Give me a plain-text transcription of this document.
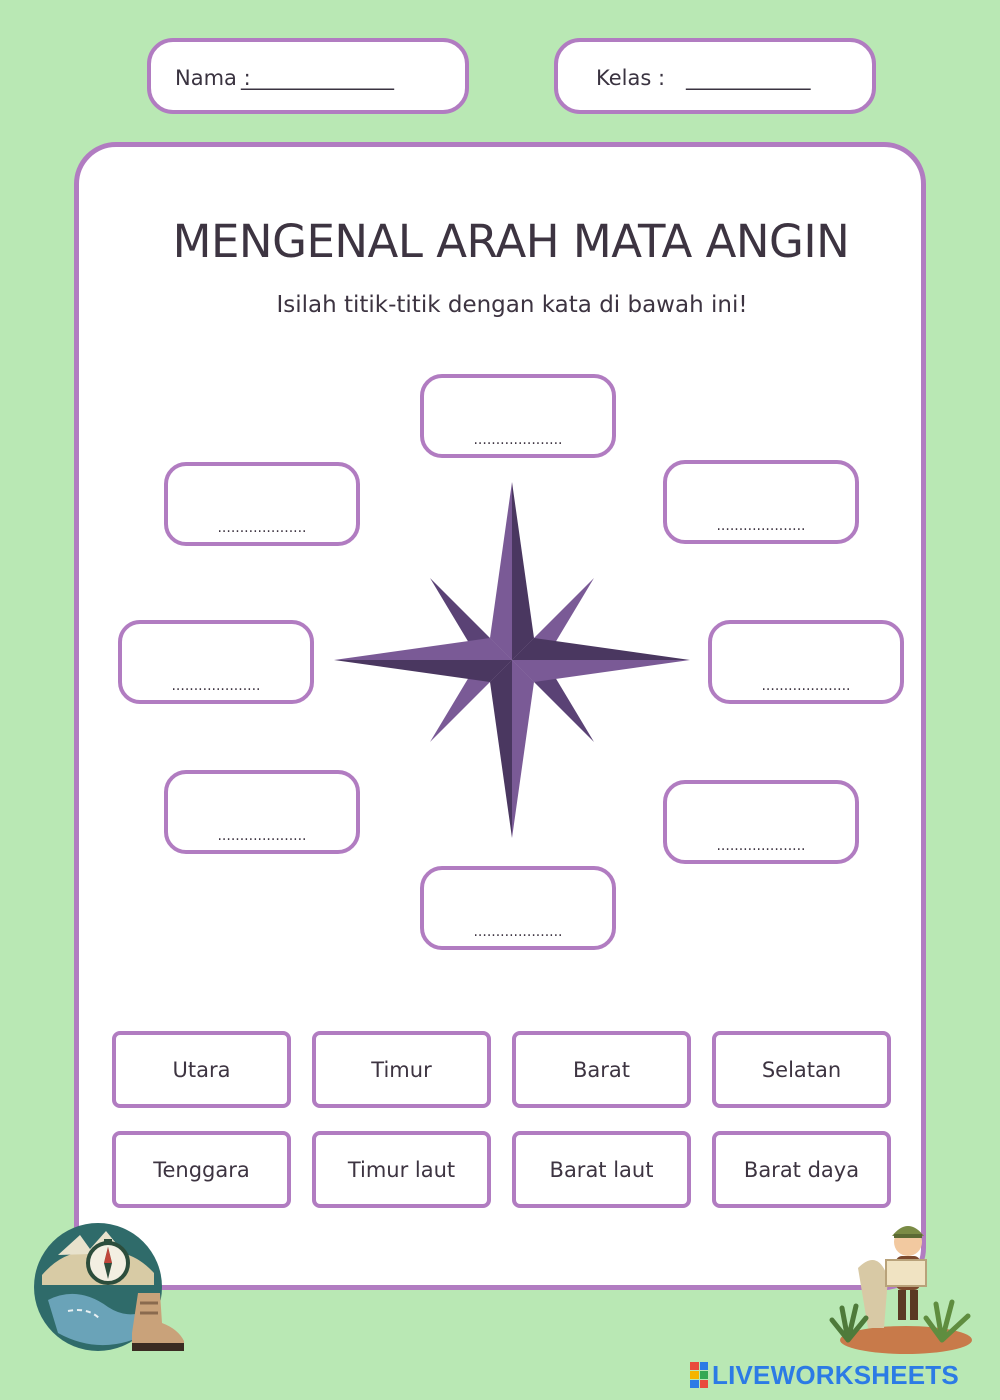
Nama :
________________	Kelas : _____________
MENGENAL ARAH MATA ANGIN
Isilah titik-titik dengan kata di bawah ini!
....................
....................	....................
....................	....................
....................
....................
....................
Utara	Timur	Barat	Selatan
Tenggara	Timur laut	Barat laut	Barat daya
LIVEWORKSHEETS
